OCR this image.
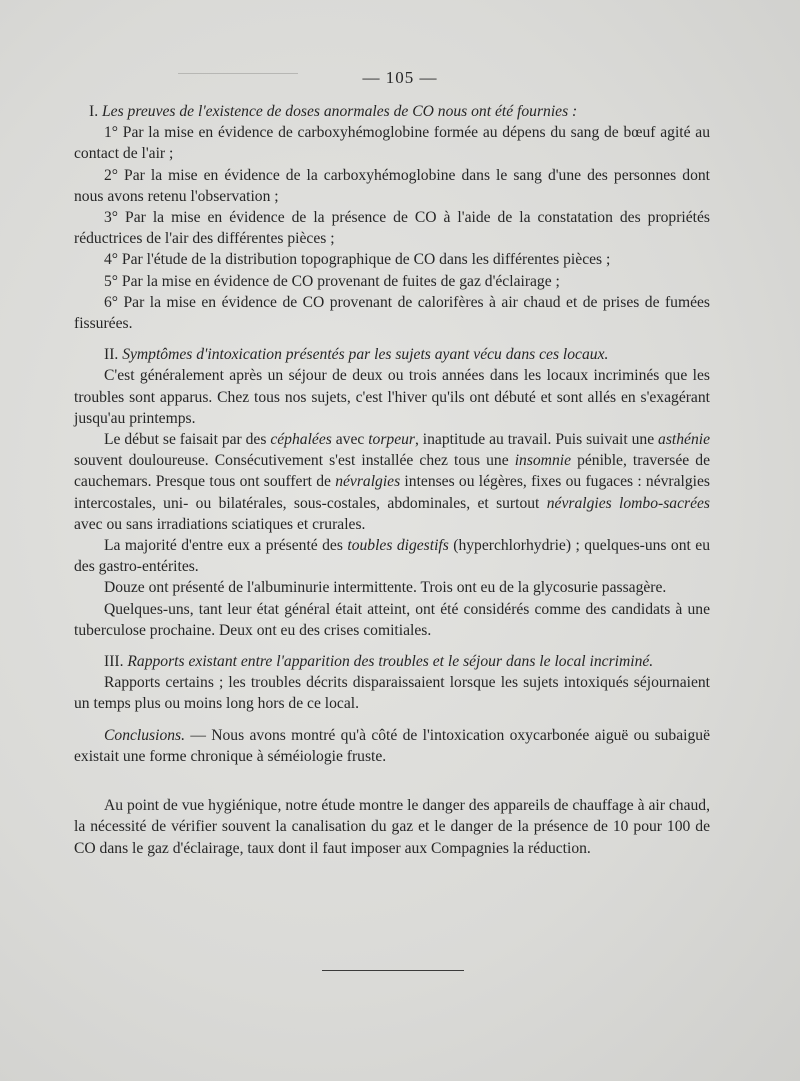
— 105 —

I. Les preuves de l'existence de doses anormales de CO nous ont été fournies :

1° Par la mise en évidence de carboxyhémoglobine formée au dépens du sang de bœuf agité au contact de l'air ;

2° Par la mise en évidence de la carboxyhémoglobine dans le sang d'une des personnes dont nous avons retenu l'observation ;

3° Par la mise en évidence de la présence de CO à l'aide de la constatation des propriétés réductrices de l'air des différentes pièces ;

4° Par l'étude de la distribution topographique de CO dans les différentes pièces ;

5° Par la mise en évidence de CO provenant de fuites de gaz d'éclairage ;

6° Par la mise en évidence de CO provenant de calorifères à air chaud et de prises de fumées fissurées.

II. Symptômes d'intoxication présentés par les sujets ayant vécu dans ces locaux.

C'est généralement après un séjour de deux ou trois années dans les locaux incriminés que les troubles sont apparus. Chez tous nos sujets, c'est l'hiver qu'ils ont débuté et sont allés en s'exagérant jusqu'au printemps.

Le début se faisait par des céphalées avec torpeur, inaptitude au travail. Puis suivait une asthénie souvent douloureuse. Consécutivement s'est installée chez tous une insomnie pénible, traversée de cauchemars. Presque tous ont souffert de névralgies intenses ou légères, fixes ou fugaces : névralgies intercostales, uni- ou bilatérales, sous-costales, abdominales, et surtout névralgies lombo-sacrées avec ou sans irradiations sciatiques et crurales.

La majorité d'entre eux a présenté des toubles digestifs (hyperchlorhydrie) ; quelques-uns ont eu des gastro-entérites.

Douze ont présenté de l'albuminurie intermittente. Trois ont eu de la glycosurie passagère.

Quelques-uns, tant leur état général était atteint, ont été considérés comme des candidats à une tuberculose prochaine. Deux ont eu des crises comitiales.

III. Rapports existant entre l'apparition des troubles et le séjour dans le local incriminé.

Rapports certains ; les troubles décrits disparaissaient lorsque les sujets intoxiqués séjournaient un temps plus ou moins long hors de ce local.

Conclusions. — Nous avons montré qu'à côté de l'intoxication oxycarbonée aiguë ou subaiguë existait une forme chronique à séméiologie fruste.

Au point de vue hygiénique, notre étude montre le danger des appareils de chauffage à air chaud, la nécessité de vérifier souvent la canalisation du gaz et le danger de la présence de 10 pour 100 de CO dans le gaz d'éclairage, taux dont il faut imposer aux Compagnies la réduction.
